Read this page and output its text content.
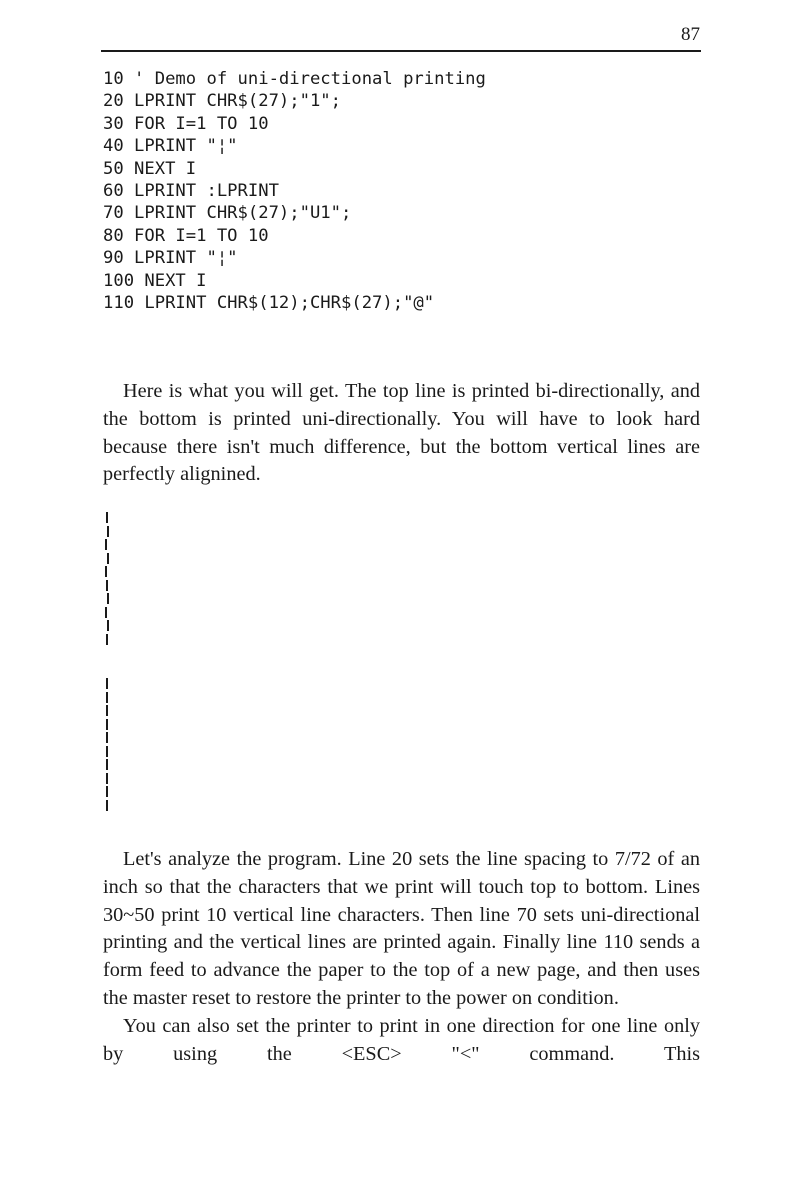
87
10 ' Demo of uni-directional printing
20 LPRINT CHR$(27);"1";
30 FOR I=1 TO 10
40 LPRINT "¦"
50 NEXT I
60 LPRINT :LPRINT
70 LPRINT CHR$(27);"U1";
80 FOR I=1 TO 10
90 LPRINT "¦"
100 NEXT I
110 LPRINT CHR$(12);CHR$(27);"@"

Here is what you will get. The top line is printed bi-directionally, and the bottom is printed uni-directionally. You will have to look hard because there isn't much difference, but the bottom vertical lines are perfectly alignined.

Let's analyze the program. Line 20 sets the line spacing to 7/72 of an inch so that the characters that we print will touch top to bottom. Lines 30~50 print 10 vertical line characters. Then line 70 sets uni-directional printing and the vertical lines are printed again. Finally line 110 sends a form feed to advance the paper to the top of a new page, and then uses the master reset to restore the printer to the power on condition.

You can also set the printer to print in one direction for one line only by using the <ESC> "<" command. This
